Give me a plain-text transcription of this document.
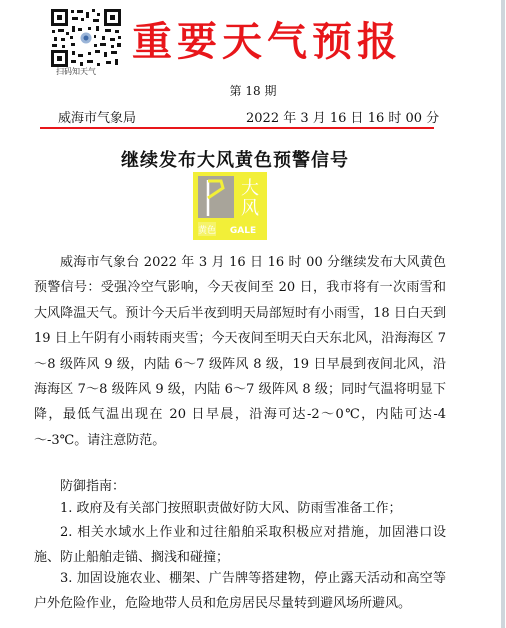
扫码知天气
重要天气预报
第 18 期
威海市气象局	2022 年 3 月 16 日 16 时 00 分
继续发布大风黄色预警信号
大
风
黄色 GALE
威海市气象台 2022 年 3 月 16 日 16 时 00 分继续发布大风黄色预警信号：受强冷空气影响，今天夜间至 20 日，我市将有一次雨雪和大风降温天气。预计今天后半夜到明天局部短时有小雨雪，18 日白天到 19 日上午阴有小雨转雨夹雪；今天夜间至明天白天东北风，沿海海区 7～8 级阵风 9 级，内陆 6～7 级阵风 8 级，19 日早晨到夜间北风，沿海海区 7～8 级阵风 9 级，内陆 6～7 级阵风 8 级；同时气温将明显下降，最低气温出现在 20 日早晨，沿海可达-2～0℃，内陆可达-4～-3℃。请注意防范。
防御指南：
1. 政府及有关部门按照职责做好防大风、防雨雪准备工作；
2. 相关水域水上作业和过往船舶采取积极应对措施，加固港口设施、防止船舶走锚、搁浅和碰撞；
3. 加固设施农业、棚架、广告牌等搭建物，停止露天活动和高空等户外危险作业，危险地带人员和危房居民尽量转到避风场所避风。
